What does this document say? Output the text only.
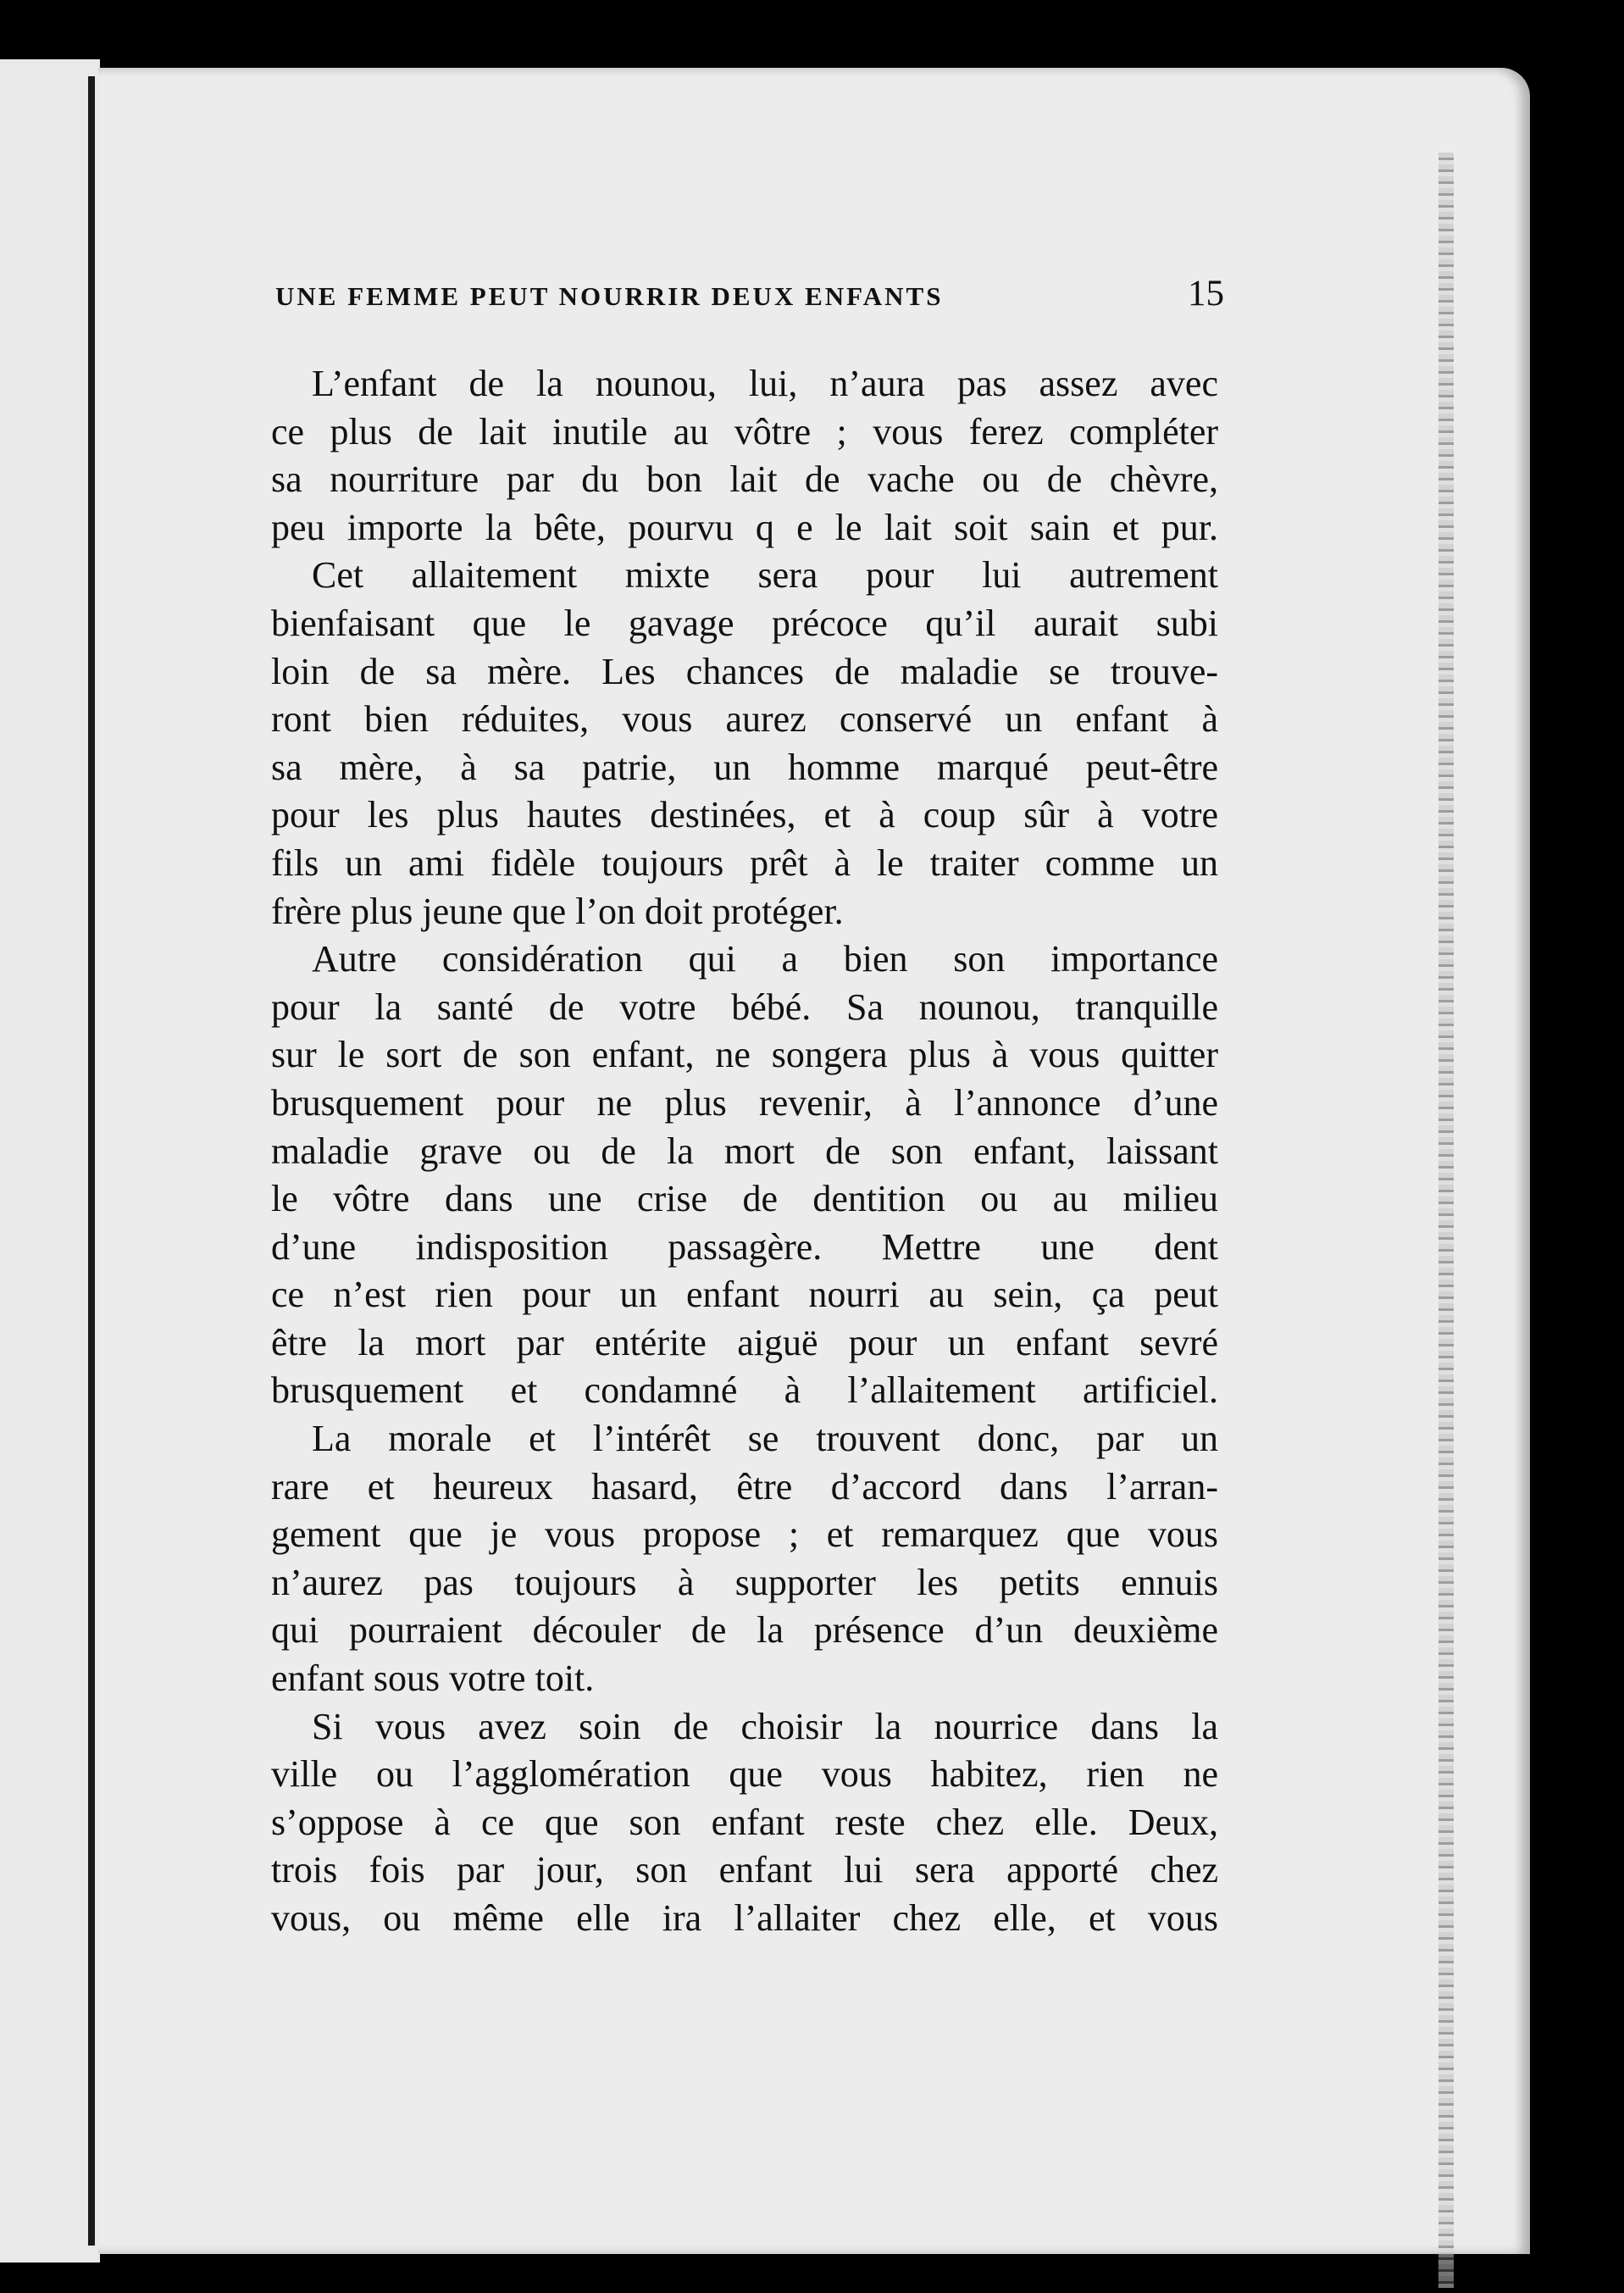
UNE FEMME PEUT NOURRIR DEUX ENFANTS	15
L’enfant de la nounou, lui, n’aura pas assez avec
ce plus de lait inutile au vôtre ; vous ferez compléter
sa nourriture par du bon lait de vache ou de chèvre,
peu importe la bête, pourvu q e le lait soit sain et pur.
Cet allaitement mixte sera pour lui autrement
bienfaisant que le gavage précoce qu’il aurait subi
loin de sa mère. Les chances de maladie se trouve-
ront bien réduites, vous aurez conservé un enfant à
sa mère, à sa patrie, un homme marqué peut-être
pour les plus hautes destinées, et à coup sûr à votre
fils un ami fidèle toujours prêt à le traiter comme un
frère plus jeune que l’on doit protéger.
Autre considération qui a bien son importance
pour la santé de votre bébé. Sa nounou, tranquille
sur le sort de son enfant, ne songera plus à vous quitter
brusquement pour ne plus revenir, à l’annonce d’une
maladie grave ou de la mort de son enfant, laissant
le vôtre dans une crise de dentition ou au milieu
d’une indisposition passagère. Mettre une dent
ce n’est rien pour un enfant nourri au sein, ça peut
être la mort par entérite aiguë pour un enfant sevré
brusquement et condamné à l’allaitement artificiel.
La morale et l’intérêt se trouvent donc, par un
rare et heureux hasard, être d’accord dans l’arran-
gement que je vous propose ; et remarquez que vous
n’aurez pas toujours à supporter les petits ennuis
qui pourraient découler de la présence d’un deuxième
enfant sous votre toit.
Si vous avez soin de choisir la nourrice dans la
ville ou l’agglomération que vous habitez, rien ne
s’oppose à ce que son enfant reste chez elle. Deux,
trois fois par jour, son enfant lui sera apporté chez
vous, ou même elle ira l’allaiter chez elle, et vous
